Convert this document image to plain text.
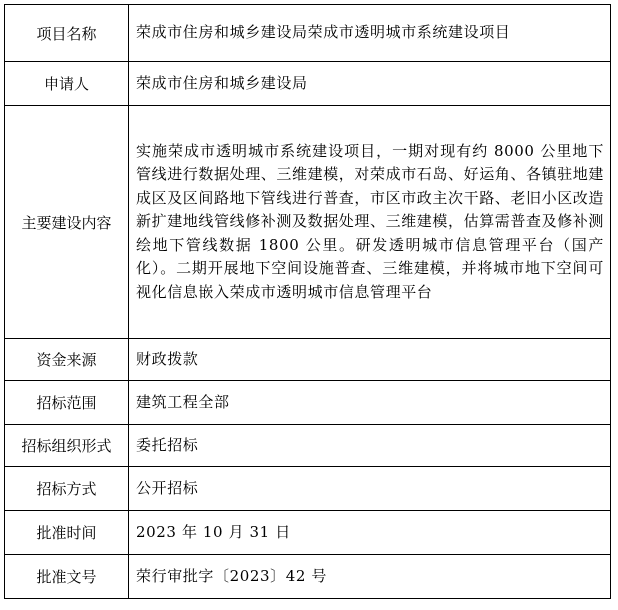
项目名称	荣成市住房和城乡建设局荣成市透明城市系统建设项目
申请人	荣成市住房和城乡建设局
主要建设内容	实施荣成市透明城市系统建设项目，一期对现有约 8000 公里地下管线进行数据处理、三维建模，对荣成市石岛、好运角、各镇驻地建成区及区间路地下管线进行普查，市区市政主次干路、老旧小区改造新扩建地线管线修补测及数据处理、三维建模，估算需普查及修补测绘地下管线数据 1800 公里。研发透明城市信息管理平台（国产化）。二期开展地下空间设施普查、三维建模，并将城市地下空间可视化信息嵌入荣成市透明城市信息管理平台
资金来源	财政拨款
招标范围	建筑工程全部
招标组织形式	委托招标
招标方式	公开招标
批准时间	2023 年 10 月 31 日
批准文号	荣行审批字〔2023〕42 号
